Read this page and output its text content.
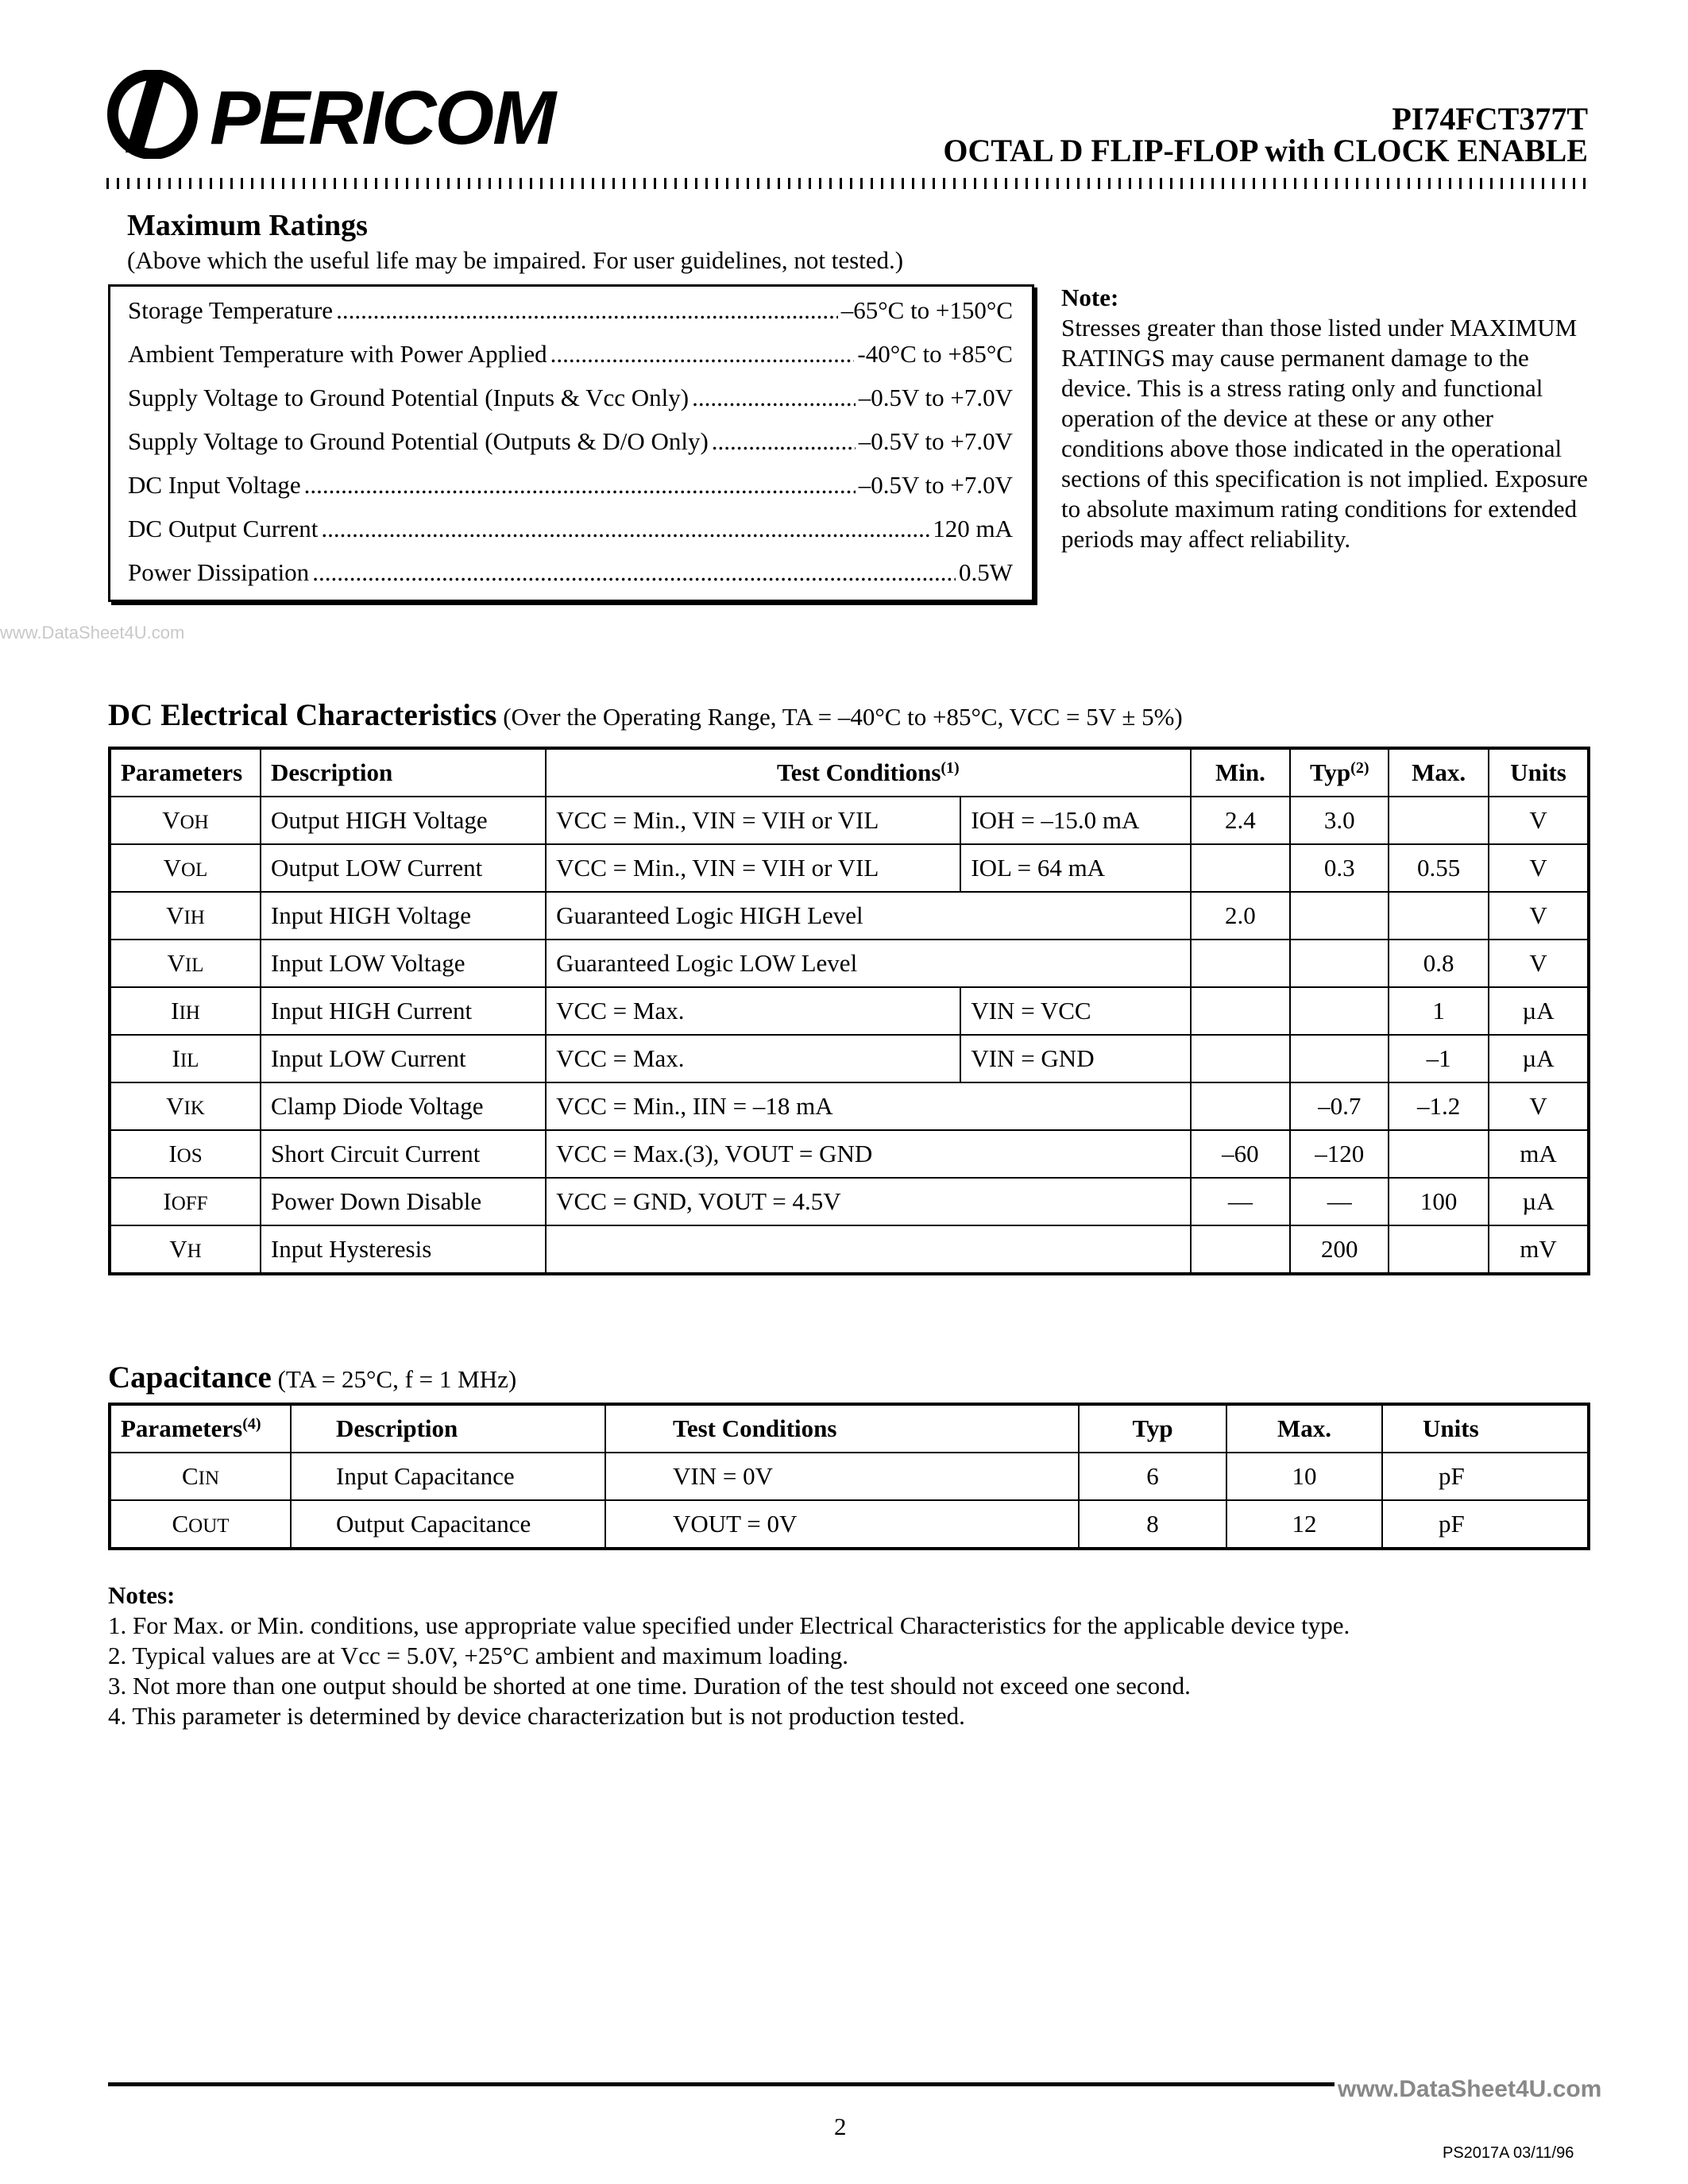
PERICOM	PI74FCT377T
OCTAL D FLIP-FLOP with CLOCK ENABLE
Maximum Ratings
(Above which the useful life may be impaired. For user guidelines, not tested.)
Storage Temperature .....	–65°C to +150°C
Ambient Temperature with Power Applied .....	-40°C to +85°C
Supply Voltage to Ground Potential (Inputs & Vcc Only) .....	–0.5V to +7.0V
Supply Voltage to Ground Potential (Outputs & D/O Only) .....	–0.5V to +7.0V
DC Input Voltage .....	–0.5V to +7.0V
DC Output Current .....	120 mA
Power Dissipation .....	0.5W
Note:
Stresses greater than those listed under MAXIMUM RATINGS may cause permanent damage to the device. This is a stress rating only and functional operation of the device at these or any other conditions above those indicated in the operational sections of this specification is not implied. Exposure to absolute maximum rating conditions for extended periods may affect reliability.
www.DataSheet4U.com
DC Electrical Characteristics (Over the Operating Range, TA = –40°C to +85°C, VCC = 5V ± 5%)
Parameters	Description	Test Conditions$^{(1)}$		Min.	Typ$^{(2)}$	Max.	Units
VOH	Output HIGH Voltage	VCC = Min., VIN = VIH or VIL	IOH = –15.0 mA	2.4	3.0		V
VOL	Output LOW Current	VCC = Min., VIN = VIH or VIL	IOL = 64 mA		0.3	0.55	V
VIH	Input HIGH Voltage	Guaranteed Logic HIGH Level		2.0			V
VIL	Input LOW Voltage	Guaranteed Logic LOW Level				0.8	V
IIH	Input HIGH Current	VCC = Max.	VIN = VCC			1	µA
IIL	Input LOW Current	VCC = Max.	VIN = GND			–1	µA
VIK	Clamp Diode Voltage	VCC = Min., IIN = –18 mA			–0.7	–1.2	V
IOS	Short Circuit Current	VCC = Max.(3), VOUT = GND		–60	–120		mA
IOFF	Power Down Disable	VCC = GND, VOUT = 4.5V		—	—	100	µA
VH	Input Hysteresis				200		mV
Capacitance (TA = 25°C, f = 1 MHz)
Parameters$^{(4)}$	Description	Test Conditions	Typ	Max.	Units
CIN	Input Capacitance	VIN = 0V	6	10	pF
COUT	Output Capacitance	VOUT = 0V	8	12	pF
Notes:
1. For Max. or Min. conditions, use appropriate value specified under Electrical Characteristics for the applicable device type.
2. Typical values are at Vcc = 5.0V, +25°C ambient and maximum loading.
3. Not more than one output should be shorted at one time. Duration of the test should not exceed one second.
4. This parameter is determined by device characterization but is not production tested.
www.DataSheet4U.com
2
PS2017A 03/11/96
